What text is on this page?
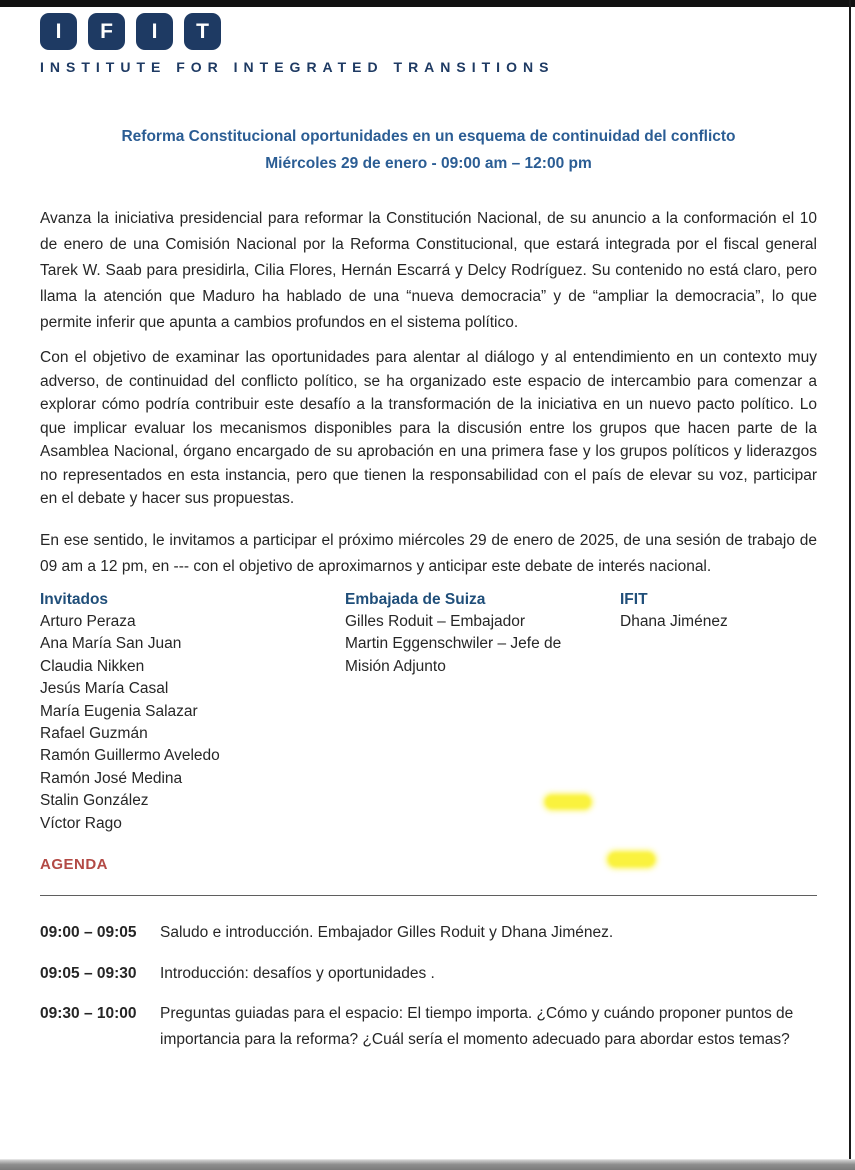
I	F	I	T
INSTITUTE FOR INTEGRATED TRANSITIONS
Reforma Constitucional oportunidades en un esquema de continuidad del conflicto
Miércoles 29 de enero - 09:00 am – 12:00 pm

Avanza la iniciativa presidencial para reformar la Constitución Nacional, de su anuncio a la conformación el 10 de enero de una Comisión Nacional por la Reforma Constitucional, que estará integrada por el fiscal general Tarek W. Saab para presidirla, Cilia Flores, Hernán Escarrá y Delcy Rodríguez. Su contenido no está claro, pero llama la atención que Maduro ha hablado de una “nueva democracia” y de “ampliar la democracia”, lo que permite inferir que apunta a cambios profundos en el sistema político.

Con el objetivo de examinar las oportunidades para alentar al diálogo y al entendimiento en un contexto muy adverso, de continuidad del conflicto político, se ha organizado este espacio de intercambio para comenzar a explorar cómo podría contribuir este desafío a la transformación de la iniciativa en un nuevo pacto político. Lo que implicar evaluar los mecanismos disponibles para la discusión entre los grupos que hacen parte de la Asamblea Nacional, órgano encargado de su aprobación en una primera fase y los grupos políticos y liderazgos no representados en esta instancia, pero que tienen la responsabilidad con el país de elevar su voz, participar en el debate y hacer sus propuestas.

En ese sentido, le invitamos a participar el próximo miércoles 29 de enero de 2025, de una sesión de trabajo de 09 am a 12 pm, en --- con el objetivo de aproximarnos y anticipar este debate de interés nacional.

Invitados
Arturo Peraza
Ana María San Juan
Claudia Nikken
Jesús María Casal
María Eugenia Salazar
Rafael Guzmán
Ramón Guillermo Aveledo
Ramón José Medina
Stalin González
Víctor Rago
Embajada de Suiza
Gilles Roduit – Embajador
Martin Eggenschwiler – Jefe de Misión Adjunto
IFIT
Dhana Jiménez
AGENDA
09:00 – 09:05	Saludo e introducción. Embajador Gilles Roduit y Dhana Jiménez.
09:05 – 09:30	Introducción: desafíos y oportunidades .
09:30 – 10:00	Preguntas guiadas para el espacio: El tiempo importa. ¿Cómo y cuándo proponer puntos de importancia para la reforma? ¿Cuál sería el momento adecuado para abordar estos temas?
